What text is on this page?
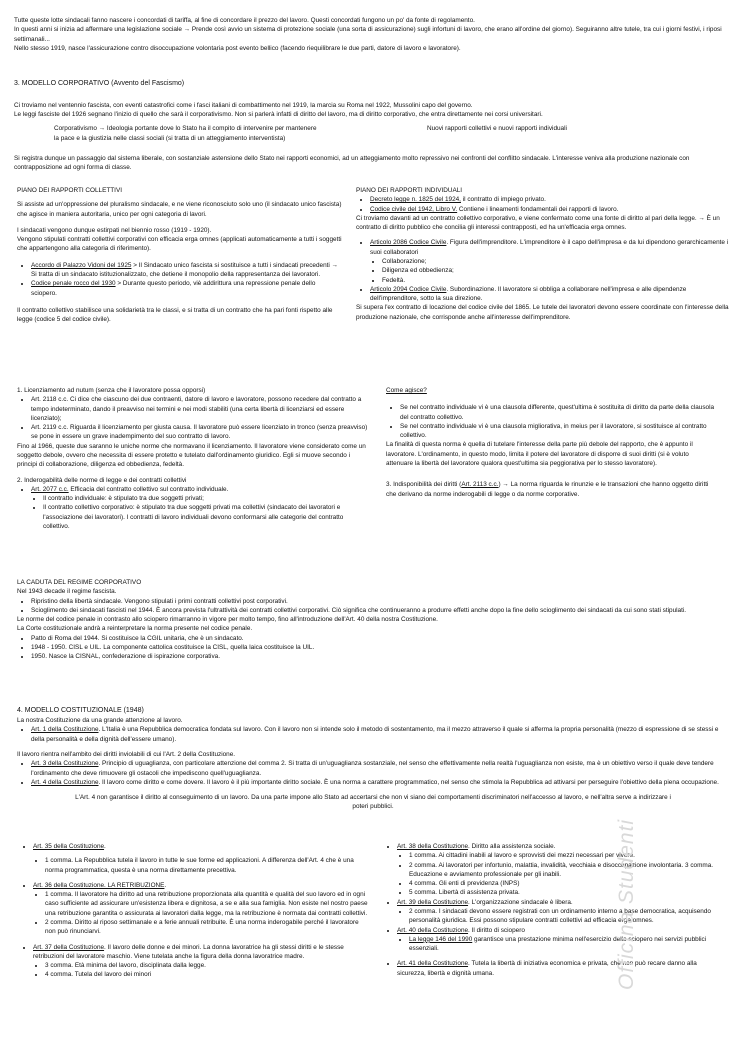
Tutte queste lotte sindacali fanno nascere i concordati di tariffa, al fine di concordare il prezzo del lavoro. Questi concordati fungono un po' da fonte di regolamento.

In questi anni si inizia ad affermare una legislazione sociale → Prende così avvio un sistema di protezione sociale (una sorta di assicurazione) sugli infortuni di lavoro, che erano all'ordine del giorno). Seguiranno altre tutele, tra cui i giorni festivi, i riposi settimanali...

Nello stesso 1919, nasce l'assicurazione contro disoccupazione volontaria post evento bellico (facendo riequilibrare le due parti, datore di lavoro e lavoratore).

3. MODELLO CORPORATIVO (Avvento del Fascismo)

Ci troviamo nel ventennio fascista, con eventi catastrofici come i fasci italiani di combattimento nel 1919, la marcia su Roma nel 1922, Mussolini capo del governo.

Le leggi fasciste del 1926 segnano l'inizio di quello che sarà il corporativismo. Non si parlerà infatti di diritto del lavoro, ma di diritto corporativo, che entra direttamente nei corsi universitari.

Corporativismo → Ideologia portante dove lo Stato ha il compito di intervenire per mantenere

la pace e la giustizia nelle classi sociali (si tratta di un atteggiamento interventista)

Nuovi rapporti collettivi e nuovi rapporti individuali

Si registra dunque un passaggio dal sistema liberale, con sostanziale astensione dello Stato nei rapporti economici, ad un atteggiamento molto repressivo nei confronti del conflitto sindacale. L'interesse veniva alla produzione nazionale con contrapposizione ad ogni forma di classe.

PIANO DEI RAPPORTI COLLETTIVI

Si assiste ad un'oppressione del pluralismo sindacale, e ne viene riconosciuto solo uno (il sindacato unico fascista) che agisce in maniera autoritaria, unico per ogni categoria di lavori.

I sindacati vengono dunque estirpati nel biennio rosso (1919 - 1920).

Vengono stipulati contratti collettivi corporativi con efficacia erga omnes (applicati automaticamente a tutti i soggetti che appartengono alla categoria di riferimento).

• Accordo di Palazzo Vidoni del 1925 > Il Sindacato unico fascista si sostituisce a tutti i sindacati precedenti → Si tratta di un sindacato istituzionalizzato, che detiene il monopolio della rappresentanza dei lavoratori.
• Codice penale rocco del 1930 > Durante questo periodo, viè addirittura una repressione penale dello sciopero.

Il contratto collettivo stabilisce una solidarietà tra le classi, e si tratta di un contratto che ha pari fonti rispetto alle legge (codice 5 del codice civile).

PIANO DEI RAPPORTI INDIVIDUALI

• Decreto legge n. 1825 del 1924, il contratto di impiego privato.
• Codice civile del 1942, Libro V. Contiene i lineamenti fondamentali dei rapporti di lavoro.

Ci troviamo davanti ad un contratto collettivo corporativo, e viene confermato come una fonte di diritto al pari della legge. → È un contratto di diritto pubblico che concilia gli interessi contrapposti, ed ha un'efficacia erga omnes.

• Articolo 2086 Codice Civile. Figura dell'imprenditore. L'imprenditore è il capo dell'impresa e da lui dipendono gerarchicamente i suoi collaboratori
• Collaborazione;
• Diligenza ed obbedienza;
• Fedeltà.
• Articolo 2094 Codice Civile. Subordinazione. Il lavoratore si obbliga a collaborare nell'impresa e alle dipendenze dell'imprenditore, sotto la sua direzione.

Si supera l'ex contratto di locazione del codice civile del 1865. Le tutele dei lavoratori devono essere coordinate con l'interesse della produzione nazionale, che corrisponde anche all'interesse dell'imprenditore.

1. Licenziamento ad nutum (senza che il lavoratore possa opporsi)

• Art. 2118 c.c. Ci dice che ciascuno dei due contraenti, datore di lavoro e lavoratore, possono recedere dal contratto a tempo indeterminato, dando il preavviso nei termini e nei modi stabiliti (una certa libertà di licenziarsi ed essere licenziato);
• Art. 2119 c.c. Riguarda il licenziamento per giusta causa. Il lavoratore può essere licenziato in tronco (senza preavviso) se pone in essere un grave inadempimento del suo contratto di lavoro.

Fino al 1966, queste due saranno le uniche norme che normavano il licenziamento. Il lavoratore viene considerato come un soggetto debole, ovvero che necessita di essere protetto e tutelato dall'ordinamento giuridico. Egli si muove secondo i principi di collaborazione, diligenza ed obbedienza, fedeltà.

2. Inderogabilità delle norme di legge e dei contratti collettivi

• Art. 2077 c.c. Efficacia del contratto collettivo sul contratto individuale.
• Il contratto individuale: è stipulato tra due soggetti privati;
• Il contratto collettivo corporativo: è stipulato tra due soggetti privati ma collettivi (sindacato dei lavoratori e l'associazione dei lavoratori). I contratti di lavoro individuali devono conformarsi alle categorie del contratto collettivo.

Come agisce?

• Se nel contratto individuale vi è una clausola differente, quest'ultima è sostituita di diritto da parte della clausola del contratto collettivo.
• Se nel contratto individuale vi è una clausola migliorativa, in meius per il lavoratore, si sostituisce al contratto collettivo.

La finalità di questa norma è quella di tutelare l'interesse della parte più debole del rapporto, che è appunto il lavoratore. L'ordinamento, in questo modo, limita il potere del lavoratore di disporre di suoi diritti (si è voluto attenuare la libertà del lavoratore qualora quest'ultima sia peggiorativa per lo stesso lavoratore).

3. Indisponibilità dei diritti (Art. 2113 c.c.) → La norma riguarda le rinunzie e le transazioni che hanno oggetto diritti che derivano da norme inderogabili di legge o da norme corporative.

LA CADUTA DEL REGIME CORPORATIVO

Nel 1943 decade il regime fascista.

• Ripristino della libertà sindacale. Vengono stipulati i primi contratti collettivi post corporativi.
• Scioglimento dei sindacati fascisti nel 1944. È ancora prevista l'ultrattività dei contratti collettivi corporativi. Ciò significa che continueranno a produrre effetti anche dopo la fine dello scioglimento dei sindacati da cui sono stati stipulati.

Le norme del codice penale in contrasto allo sciopero rimarranno in vigore per molto tempo, fino all'introduzione dell'Art. 40 della nostra Costituzione.

La Corte costituzionale andrà a reinterpretare la norma presente nel codice penale.

• Patto di Roma del 1944. Si costituisce la CGIL unitaria, che è un sindacato.
• 1948 - 1950. CISL e UIL. La componente cattolica costituisce la CISL, quella laica costituisce la UIL.
• 1950. Nasce la CISNAL, confederazione di ispirazione corporativa.

4. MODELLO COSTITUZIONALE (1948)

La nostra Costituzione da una grande attenzione al lavoro.

• Art. 1 della Costituzione. L'Italia è una Repubblica democratica fondata sul lavoro. Con il lavoro non si intende solo il metodo di sostentamento, ma il mezzo attraverso il quale si afferma la propria personalità (mezzo di espressione di se stessi e della personalità e della dignità dell'essere umano).

Il lavoro rientra nell'ambito dei diritti inviolabili di cui l'Art. 2 della Costituzione.

• Art. 3 della Costituzione. Principio di uguaglianza, con particolare attenzione del comma 2. Si tratta di un'uguaglianza sostanziale, nel senso che effettivamente nella realtà l'uguaglianza non esiste, ma è un obiettivo verso il quale deve tendere l'ordinamento che deve rimuovere gli ostacoli che impediscono quell'uguaglianza.
• Art. 4 della Costituzione. Il lavoro come diritto e come dovere. Il lavoro è il più importante diritto sociale. È una norma a carattere programmatico, nel senso che stimola la Repubblica ad attivarsi per perseguire l'obiettivo della piena occupazione.

L'Art. 4 non garantisce il diritto al conseguimento di un lavoro. Da una parte impone allo Stato ad accertarsi che non vi siano dei comportamenti discriminatori nell'accesso al lavoro, e nell'altra serve a indirizzare i poteri pubblici.

• Art. 35 della Costituzione.
• 1 comma. La Repubblica tutela il lavoro in tutte le sue forme ed applicazioni. A differenza dell'Art. 4 che è una norma programmatica, questa è una norma direttamente precettiva.
• Art. 36 della Costituzione. LA RETRIBUZIONE.
• 1 comma. Il lavoratore ha diritto ad una retribuzione proporzionata alla quantità e qualità del suo lavoro ed in ogni caso sufficiente ad assicurare un'esistenza libera e dignitosa, a se e alla sua famiglia. Non esiste nel nostro paese una retribuzione garantita o assicurata ai lavoratori dalla legge, ma la retribuzione è normata dai contratti collettivi.
• 2 comma. Diritto al riposo settimanale e a ferie annuali retribuite. È una norma inderogabile perché il lavoratore non può rinunciarvi.
• Art. 37 della Costituzione. Il lavoro delle donne e dei minori. La donna lavoratrice ha gli stessi diritti e le stesse retribuzioni del lavoratore maschio. Viene tutelata anche la figura della donna lavoratrice madre.
• 3 comma. Età minima del lavoro, disciplinata dalla legge.
• 4 comma. Tutela del lavoro dei minori
• Art. 38 della Costituzione. Diritto alla assistenza sociale.
• 1 comma. Ai cittadini inabili al lavoro e sprovvisti dei mezzi necessari per vivere.
• 2 comma. Ai lavoratori per infortunio, malattia, invalidità, vecchiaia e disoccupazione involontaria. 3 comma. Educazione e avviamento professionale per gli inabili.
• 4 comma. Gli enti di previdenza (INPS)
• 5 comma. Libertà di assistenza privata.
• Art. 39 della Costituzione. L'organizzazione sindacale è libera.
• 2 comma. I sindacati devono essere registrati con un ordinamento interno a base democratica, acquisendo personalità giuridica. Essi possono stipulare contratti collettivi ad efficacia erga omnes.
• Art. 40 della Costituzione. Il diritto di sciopero
• La legge 146 del 1990 garantisce una prestazione minima nell'esercizio dello sciopero nei servizi pubblici essenziali.
• Art. 41 della Costituzione. Tutela la libertà di iniziativa economica e privata, che non può recare danno alla sicurezza, libertà e dignità umana.	Officina Studenti
